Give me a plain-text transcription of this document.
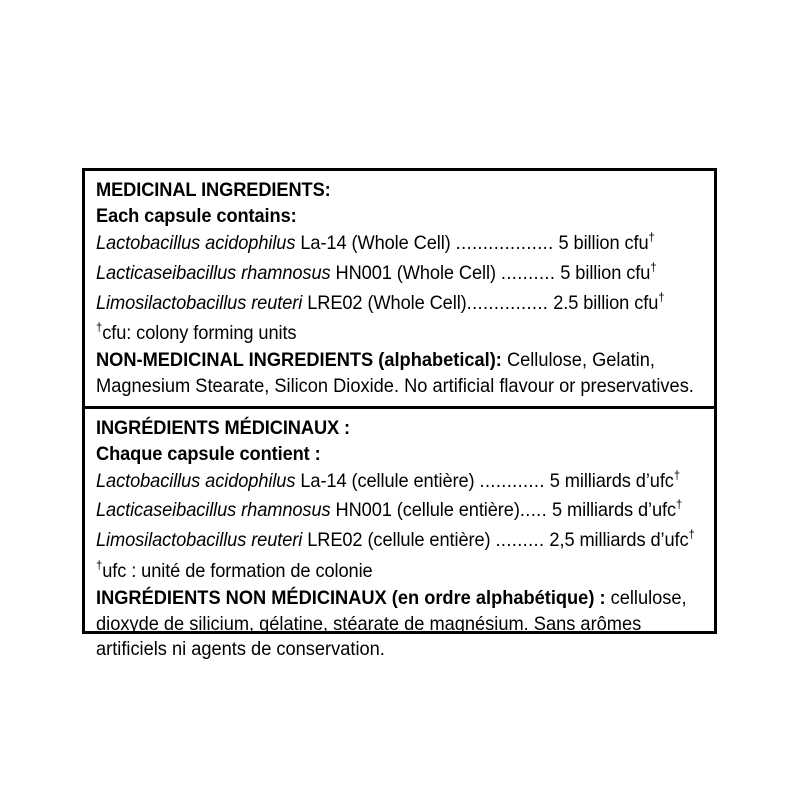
MEDICINAL INGREDIENTS:
Each capsule contains:
Lactobacillus acidophilus La-14 (Whole Cell) .................. 5 billion cfu†
Lacticaseibacillus rhamnosus HN001 (Whole Cell) .......... 5 billion cfu†
Limosilactobacillus reuteri LRE02 (Whole Cell)............... 2.5 billion cfu†
†cfu: colony forming units
NON-MEDICINAL INGREDIENTS (alphabetical): Cellulose, Gelatin, Magnesium Stearate, Silicon Dioxide. No artificial flavour or preservatives.
INGRÉDIENTS MÉDICINAUX :
Chaque capsule contient :
Lactobacillus acidophilus La-14 (cellule entière) ............ 5 milliards d’ufc†
Lacticaseibacillus rhamnosus HN001 (cellule entière)..... 5 milliards d’ufc†
Limosilactobacillus reuteri LRE02 (cellule entière) ......... 2,5 milliards d’ufc†
†ufc : unité de formation de colonie
INGRÉDIENTS NON MÉDICINAUX (en ordre alphabétique) : cellulose, dioxyde de silicium, gélatine, stéarate de magnésium. Sans arômes artificiels ni agents de conservation.
